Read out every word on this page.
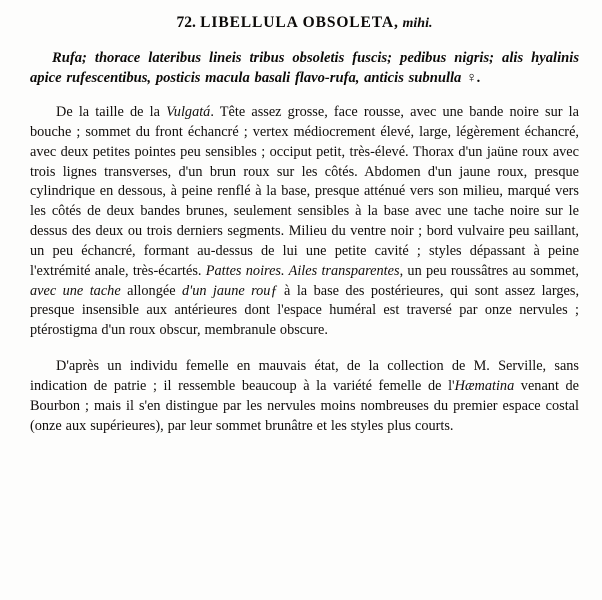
72. LIBELLULA OBSOLETA, mihi.

Rufa; thorace lateribus lineis tribus obsoletis fuscis; pedibus nigris; alis hyalinis apice rufescentibus, posticis macula basali flavo-rufa, anticis subnulla ♀.

De la taille de la Vulgatá. Tête assez grosse, face rousse, avec une bande noire sur la bouche ; sommet du front échancré ; vertex médiocrement élevé, large, légèrement échancré, avec deux petites pointes peu sensibles ; occiput petit, très-élevé. Thorax d'un jaüne roux avec trois lignes transverses, d'un brun roux sur les côtés. Abdomen d'un jaune roux, presque cylindrique en dessous, à peine renflé à la base, presque atténué vers son milieu, marqué vers les côtés de deux bandes brunes, seulement sensibles à la base avec une tache noire sur le dessus des deux ou trois derniers segments. Milieu du ventre noir ; bord vulvaire peu saillant, un peu échancré, formant au-dessus de lui une petite cavité ; styles dépassant à peine l'extrémité anale, très-écartés. Pattes noires. Ailes transparentes, un peu roussâtres au sommet, avec une tache allongée d'un jaune rouƒ à la base des postérieures, qui sont assez larges, presque insensible aux antérieures dont l'espace huméral est traversé par onze nervules ; ptérostigma d'un roux obscur, membranule obscure.

D'après un individu femelle en mauvais état, de la collection de M. Serville, sans indication de patrie ; il ressemble beaucoup à la variété femelle de l'Hæmatina venant de Bourbon ; mais il s'en distingue par les nervules moins nombreuses du premier espace costal (onze aux supérieures), par leur sommet brunâtre et les styles plus courts.
